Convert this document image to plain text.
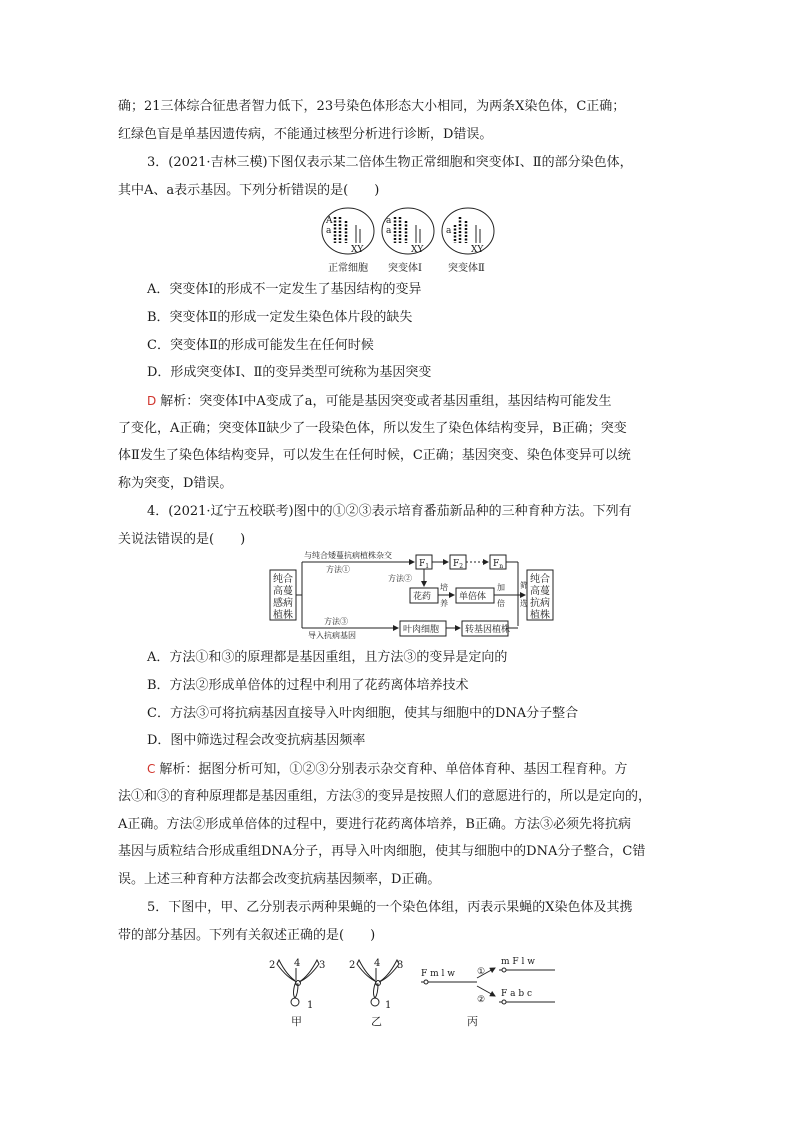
确；21三体综合征患者智力低下，23号染色体形态大小相同，为两条X染色体，C正确；
红绿色盲是单基因遗传病，不能通过核型分析进行诊断，D错误。
3．(2021·吉林三模)下图仅表示某二倍体生物正常细胞和突变体Ⅰ、Ⅱ的部分染色体，
其中A、a表示基因。下列分析错误的是(　　)
A
a
XY
a
a
XY
a
XY
正常细胞 突变体Ⅰ	突变体Ⅱ
A．突变体Ⅰ的形成不一定发生了基因结构的变异
B．突变体Ⅱ的形成一定发生染色体片段的缺失
C．突变体Ⅱ的形成可能发生在任何时候
D．形成突变体Ⅰ、Ⅱ的变异类型可统称为基因突变
D 解析：突变体Ⅰ中A变成了a，可能是基因突变或者基因重组，基因结构可能发生
了变化，A正确；突变体Ⅱ缺少了一段染色体，所以发生了染色体结构变异，B正确；突变
体Ⅱ发生了染色体结构变异，可以发生在任何时候，C正确；基因突变、染色体变异可以统
称为突变，D错误。
4．(2021·辽宁五校联考)图中的①②③表示培育番茄新品种的三种育种方法。下列有
关说法错误的是(　　)
纯合
高蔓
感病
植株
纯合
高蔓
抗病
植株
与纯合矮蔓抗病植株杂交
方法①
$F_1$	$F_2$	$F_n$
方法②
花药
培
养
单倍体
加
倍
筛
选
方法③
导入抗病基因
叶肉细胞	转基因植株
A．方法①和③的原理都是基因重组，且方法③的变异是定向的
B．方法②形成单倍体的过程中利用了花药离体培养技术
C．方法③可将抗病基因直接导入叶肉细胞，使其与细胞中的DNA分子整合
D．图中筛选过程会改变抗病基因频率
C 解析：据图分析可知，①②③分别表示杂交育种、单倍体育种、基因工程育种。方
法①和③的育种原理都是基因重组，方法③的变异是按照人们的意愿进行的，所以是定向的，
A正确。方法②形成单倍体的过程中，要进行花药离体培养，B正确。方法③必须先将抗病
基因与质粒结合形成重组DNA分子，再导入叶肉细胞，使其与细胞中的DNA分子整合，C错
误。上述三种育种方法都会改变抗病基因频率，D正确。
5．下图中，甲、乙分别表示两种果蝇的一个染色体组，丙表示果蝇的X染色体及其携
带的部分基因。下列有关叙述正确的是(　　)
2	3
4
1
甲
2	3
4
1
乙
F m l w ①
②
m F l w
F a b c
丙
